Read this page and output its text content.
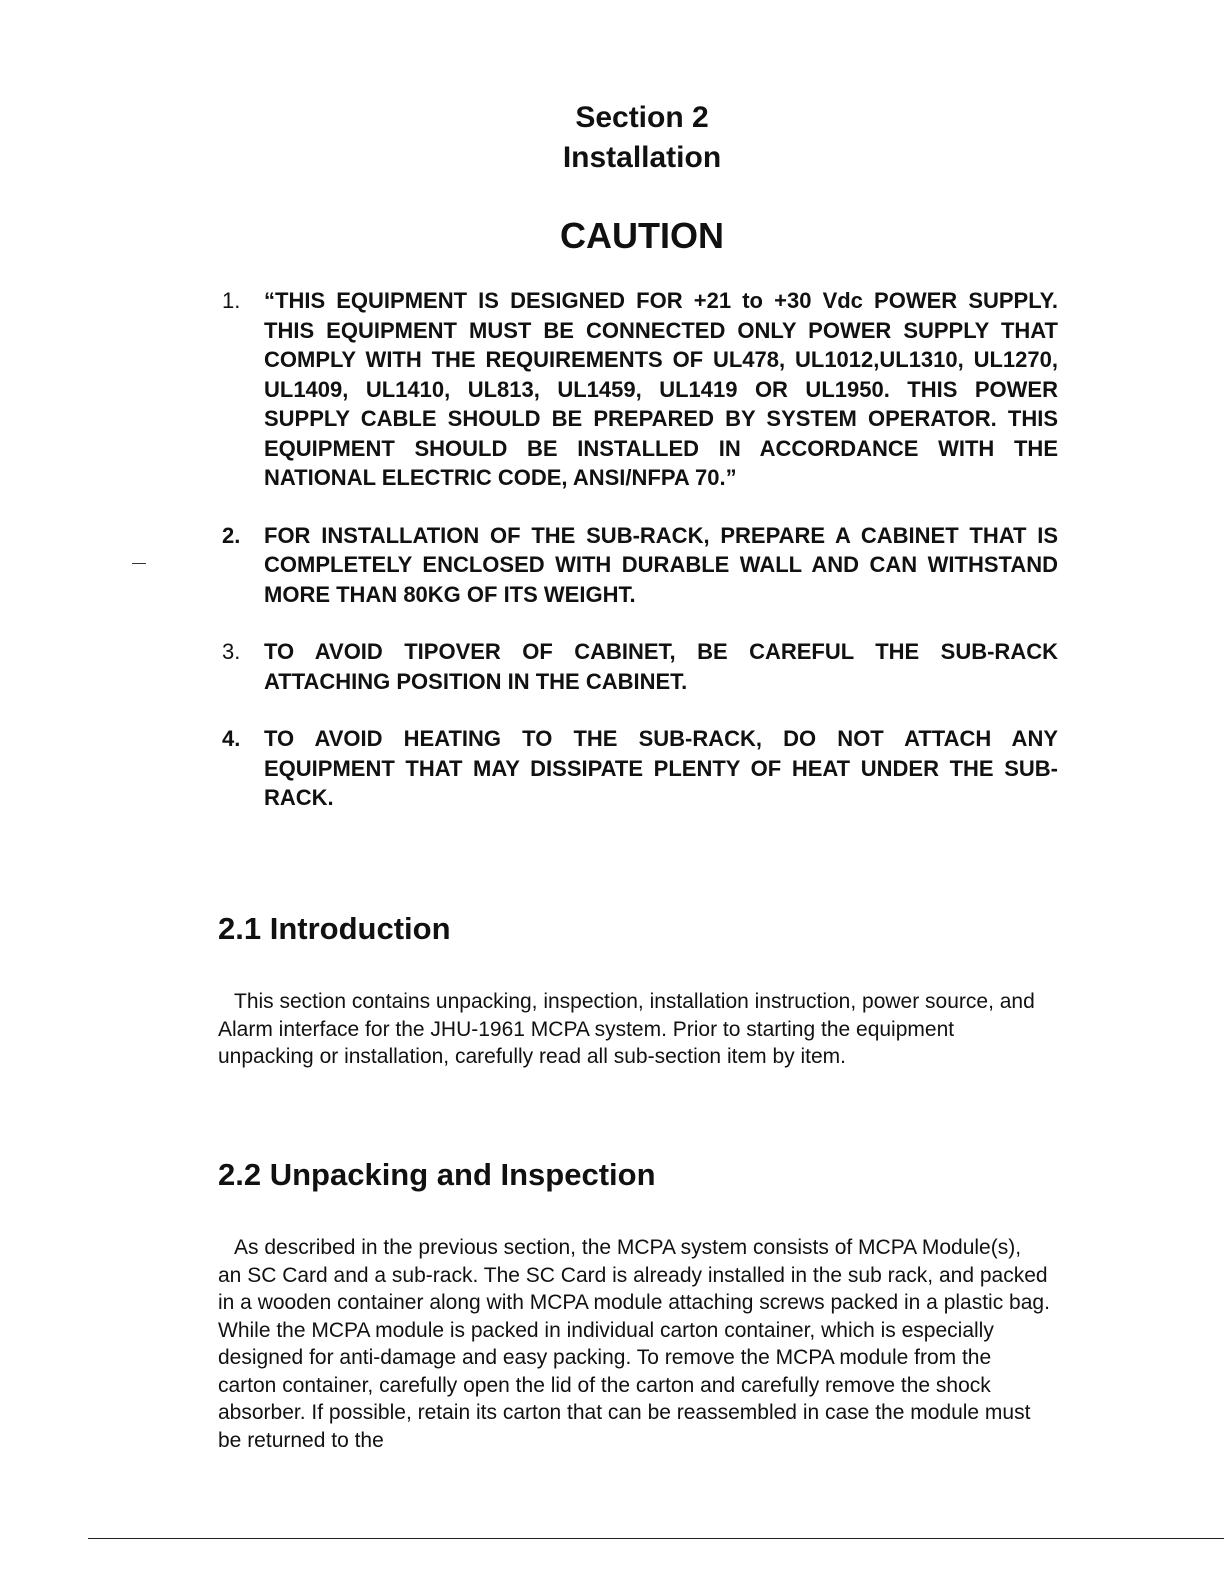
Section 2
Installation
CAUTION
1. “THIS EQUIPMENT IS DESIGNED FOR +21 to +30 Vdc POWER SUPPLY. THIS EQUIPMENT MUST BE CONNECTED ONLY POWER SUPPLY THAT COMPLY WITH THE REQUIREMENTS OF UL478, UL1012,UL1310, UL1270, UL1409, UL1410, UL813, UL1459, UL1419 OR UL1950. THIS POWER SUPPLY CABLE SHOULD BE PREPARED BY SYSTEM OPERATOR. THIS EQUIPMENT SHOULD BE INSTALLED IN ACCORDANCE WITH THE NATIONAL ELECTRIC CODE, ANSI/NFPA 70.”
2. FOR INSTALLATION OF THE SUB-RACK, PREPARE A CABINET THAT IS COMPLETELY ENCLOSED WITH DURABLE WALL AND CAN WITHSTAND MORE THAN 80KG OF ITS WEIGHT.
3. TO AVOID TIPOVER OF CABINET, BE CAREFUL THE SUB-RACK ATTACHING POSITION IN THE CABINET.
4. TO AVOID HEATING TO THE SUB-RACK, DO NOT ATTACH ANY EQUIPMENT THAT MAY DISSIPATE PLENTY OF HEAT UNDER THE SUB-RACK.
2.1 Introduction

This section contains unpacking, inspection, installation instruction, power source, and Alarm interface for the JHU-1961 MCPA system. Prior to starting the equipment unpacking or installation, carefully read all sub-section item by item.

2.2 Unpacking and Inspection

As described in the previous section, the MCPA system consists of MCPA Module(s), an SC Card and a sub-rack. The SC Card is already installed in the sub rack, and packed in a wooden container along with MCPA module attaching screws packed in a plastic bag. While the MCPA module is packed in individual carton container, which is especially designed for anti-damage and easy packing. To remove the MCPA module from the carton container, carefully open the lid of the carton and carefully remove the shock absorber. If possible, retain its carton that can be reassembled in case the module must be returned to the
